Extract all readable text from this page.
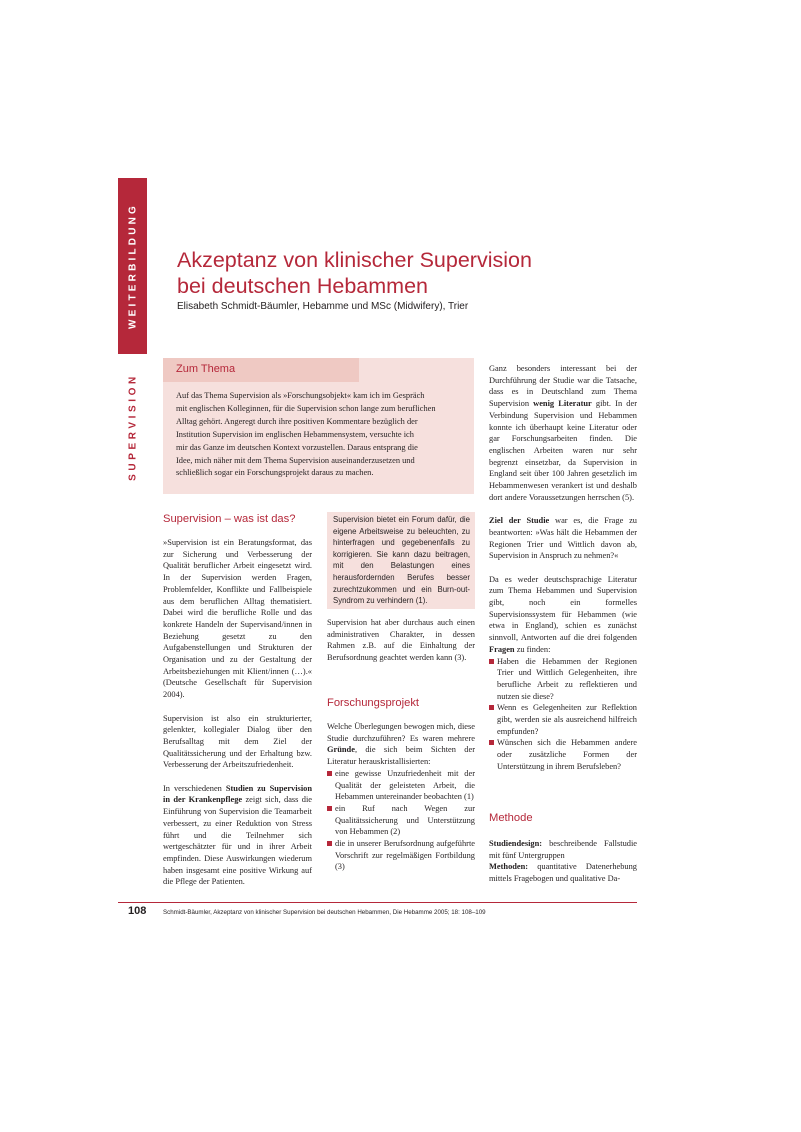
WEITERBILDUNG
SUPERVISION
Akzeptanz von klinischer Supervision
bei deutschen Hebammen
Elisabeth Schmidt-Bäumler, Hebamme und MSc (Midwifery), Trier
Zum Thema
Auf das Thema Supervision als »Forschungsobjekt« kam ich im Gespräch
mit englischen Kolleginnen, für die Supervision schon lange zum beruflichen
Alltag gehört. Angeregt durch ihre positiven Kommentare bezüglich der
Institution Supervision im englischen Hebammensystem, versuchte ich
mir das Ganze im deutschen Kontext vorzustellen. Daraus entsprang die
Idee, mich näher mit dem Thema Supervision auseinanderzusetzen und
schließlich sogar ein Forschungsprojekt daraus zu machen.
Supervision – was ist das?

»Supervision ist ein Beratungsformat, das zur Sicherung und Verbesserung der Qualität beruflicher Arbeit eingesetzt wird. In der Supervision werden Fragen, Problemfelder, Konflikte und Fallbeispiele aus dem beruflichen Alltag thematisiert. Dabei wird die berufliche Rolle und das konkrete Handeln der Supervisand/innen in Beziehung gesetzt zu den Aufgabenstellungen und Strukturen der Organisation und zu der Gestaltung der Arbeitsbeziehungen mit Klient/innen (…).« (Deutsche Gesellschaft für Supervision 2004).

Supervision ist also ein strukturierter, gelenkter, kollegialer Dialog über den Berufsalltag mit dem Ziel der Qualitätssicherung und der Erhaltung bzw. Verbesserung der Arbeitszufriedenheit.

In verschiedenen Studien zu Supervision in der Krankenpflege zeigt sich, dass die Einführung von Supervision die Teamarbeit verbessert, zu einer Reduktion von Stress führt und die Teilnehmer sich wertgeschätzter für und in ihrer Arbeit empfinden. Diese Auswirkungen wiederum haben insgesamt eine positive Wirkung auf die Pflege der Patienten.

Supervision bietet ein Forum dafür, die eigene Arbeitsweise zu beleuchten, zu hinterfragen und gegebenenfalls zu korrigieren. Sie kann dazu beitragen, mit den Belastungen eines herausfordernden Berufes besser zurechtzukommen und ein Burn-out-Syndrom zu verhindern (1).

Supervision hat aber durchaus auch einen administrativen Charakter, in dessen Rahmen z.B. auf die Einhaltung der Berufsordnung geachtet werden kann (3).

Forschungsprojekt

Welche Überlegungen bewogen mich, diese Studie durchzuführen? Es waren mehrere Gründe, die sich beim Sichten der Literatur herauskristallisierten:

eine gewisse Unzufriedenheit mit der Qualität der geleisteten Arbeit, die Hebammen untereinander beobachten (1)
ein Ruf nach Wegen zur Qualitätssicherung und Unterstützung von Hebammen (2)
die in unserer Berufsordnung aufgeführte Vorschrift zur regelmäßigen Fortbildung (3)

Ganz besonders interessant bei der Durchführung der Studie war die Tatsache, dass es in Deutschland zum Thema Supervision wenig Literatur gibt. In der Verbindung Supervision und Hebammen konnte ich überhaupt keine Literatur oder gar Forschungsarbeiten finden. Die englischen Arbeiten waren nur sehr begrenzt einsetzbar, da Supervision in England seit über 100 Jahren gesetzlich im Hebammenwesen verankert ist und deshalb dort andere Voraussetzungen herrschen (5).

Ziel der Studie war es, die Frage zu beantworten: »Was hält die Hebammen der Regionen Trier und Wittlich davon ab, Supervision in Anspruch zu nehmen?«

Da es weder deutschsprachige Literatur zum Thema Hebammen und Supervision gibt, noch ein formelles Supervisionssystem für Hebammen (wie etwa in England), schien es zunächst sinnvoll, Antworten auf die drei folgenden Fragen zu finden:

Haben die Hebammen der Regionen Trier und Wittlich Gelegenheiten, ihre berufliche Arbeit zu reflektieren und nutzen sie diese?
Wenn es Gelegenheiten zur Reflektion gibt, werden sie als ausreichend hilfreich empfunden?
Wünschen sich die Hebammen andere oder zusätzliche Formen der Unterstützung in ihrem Berufsleben?
Methode

Studiendesign: beschreibende Fallstudie mit fünf Untergruppen

Methoden: quantitative Datenerhebung mittels Fragebogen und qualitative Da-

108	Schmidt-Bäumler, Akzeptanz von klinischer Supervision bei deutschen Hebammen, Die Hebamme 2005; 18: 108–109
